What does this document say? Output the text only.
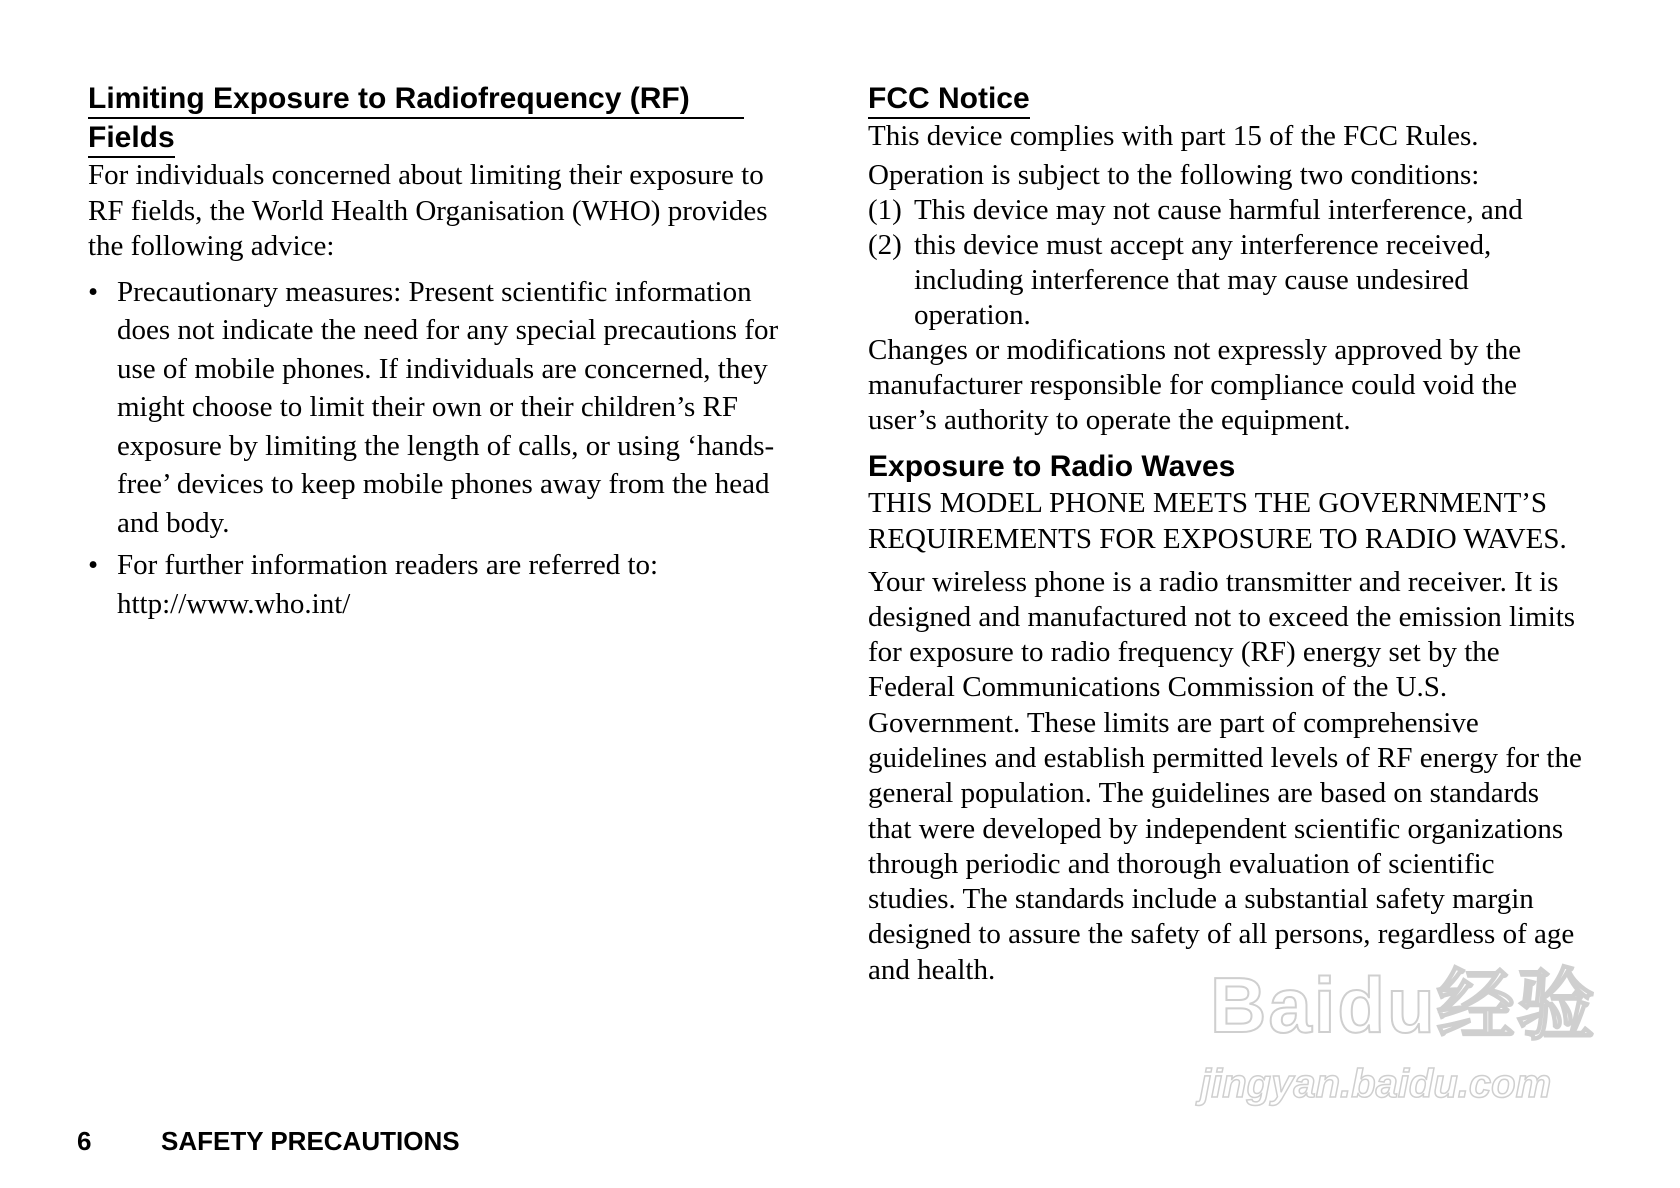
Limiting Exposure to Radiofrequency (RF)
Fields

For individuals concerned about limiting their exposure to RF fields, the World Health Organisation (WHO) provides the following advice:

• Precautionary measures: Present scientific information does not indicate the need for any special precautions for use of mobile phones. If individuals are concerned, they might choose to limit their own or their children’s RF exposure by limiting the length of calls, or using ‘hands-free’ devices to keep mobile phones away from the head and body.
• For further information readers are referred to: http://www.who.int/
FCC Notice

This device complies with part 15 of the FCC Rules.

Operation is subject to the following two conditions:

(1) This device may not cause harmful interference, and
(2) this device must accept any interference received, including interference that may cause undesired operation.

Changes or modifications not expressly approved by the manufacturer responsible for compliance could void the user’s authority to operate the equipment.

Exposure to Radio Waves

THIS MODEL PHONE MEETS THE GOVERNMENT’S REQUIREMENTS FOR EXPOSURE TO RADIO WAVES.

Your wireless phone is a radio transmitter and receiver. It is designed and manufactured not to exceed the emission limits for exposure to radio frequency (RF) energy set by the Federal Communications Commission of the U.S. Government. These limits are part of comprehensive guidelines and establish permitted levels of RF energy for the general population. The guidelines are based on standards that were developed by independent scientific organizations through periodic and thorough evaluation of scientific studies. The standards include a substantial safety margin designed to assure the safety of all persons, regardless of age and health.

6	SAFETY PRECAUTIONS
Baidu经验
jingyan.baidu.com
